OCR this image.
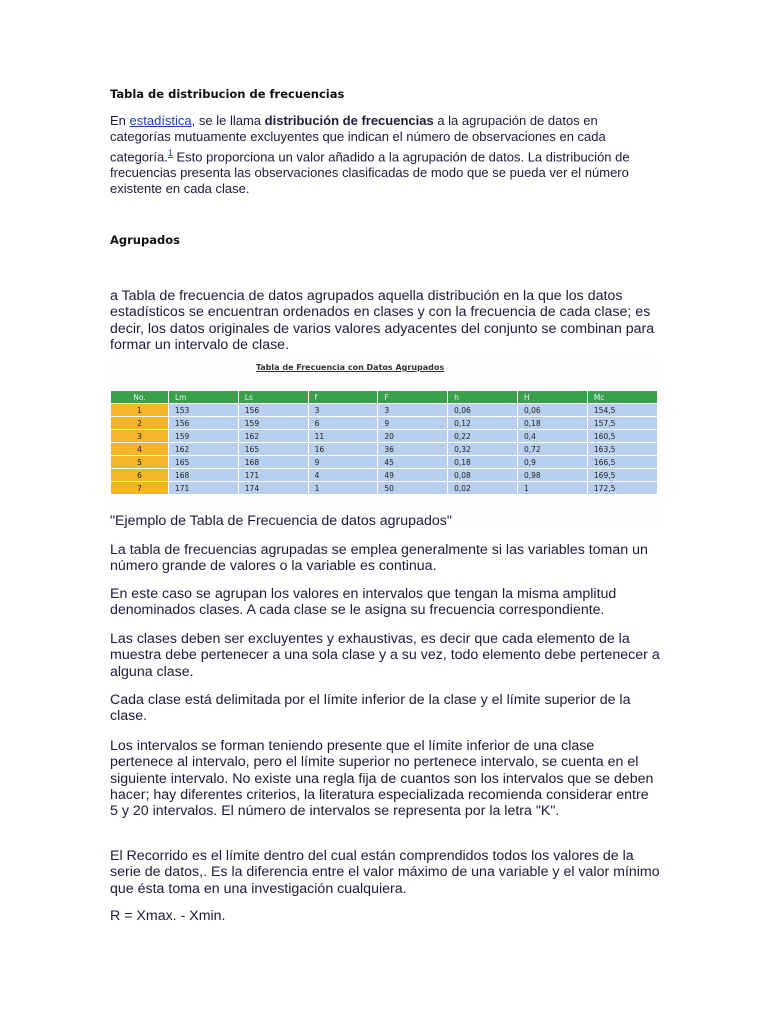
Tabla de distribucion de frecuencias

En estadística, se le llama distribución de frecuencias a la agrupación de datos en categorías mutuamente excluyentes que indican el número de observaciones en cada categoría.$^1$ Esto proporciona un valor añadido a la agrupación de datos. La distribución de frecuencias presenta las observaciones clasificadas de modo que se pueda ver el número existente en cada clase.

Agrupados

a Tabla de frecuencia de datos agrupados aquella distribución en la que los datos estadísticos se encuentran ordenados en clases y con la frecuencia de cada clase; es decir, los datos originales de varios valores adyacentes del conjunto se combinan para formar un intervalo de clase.

Tabla de Frecuencia con Datos Agrupados
No.	Lm	Ls	f	F	h	H	Mc
1	153	156	3	3	0,06	0,06	154,5
2	156	159	6	9	0,12	0,18	157,5
3	159	162	11	20	0,22	0,4	160,5
4	162	165	16	36	0,32	0,72	163,5
5	165	168	9	45	0,18	0,9	166,5
6	168	171	4	49	0,08	0,98	169,5
7	171	174	1	50	0,02	1	172,5
"Ejemplo de Tabla de Frecuencia de datos agrupados"

La tabla de frecuencias agrupadas se emplea generalmente si las variables toman un número grande de valores o la variable es continua.

En este caso se agrupan los valores en intervalos que tengan la misma amplitud denominados clases. A cada clase se le asigna su frecuencia correspondiente.

Las clases deben ser excluyentes y exhaustivas, es decir que cada elemento de la muestra debe pertenecer a una sola clase y a su vez, todo elemento debe pertenecer a alguna clase.

Cada clase está delimitada por el límite inferior de la clase y el límite superior de la clase.

Los intervalos se forman teniendo presente que el límite inferior de una clase pertenece al intervalo, pero el límite superior no pertenece intervalo, se cuenta en el siguiente intervalo. No existe una regla fija de cuantos son los intervalos que se deben hacer; hay diferentes criterios, la literatura especializada recomienda considerar entre 5 y 20 intervalos. El número de intervalos se representa por la letra "K".

El Recorrido es el límite dentro del cual están comprendidos todos los valores de la serie de datos,. Es la diferencia entre el valor máximo de una variable y el valor mínimo que ésta toma en una investigación cualquiera.

R = Xmax. - Xmin.
